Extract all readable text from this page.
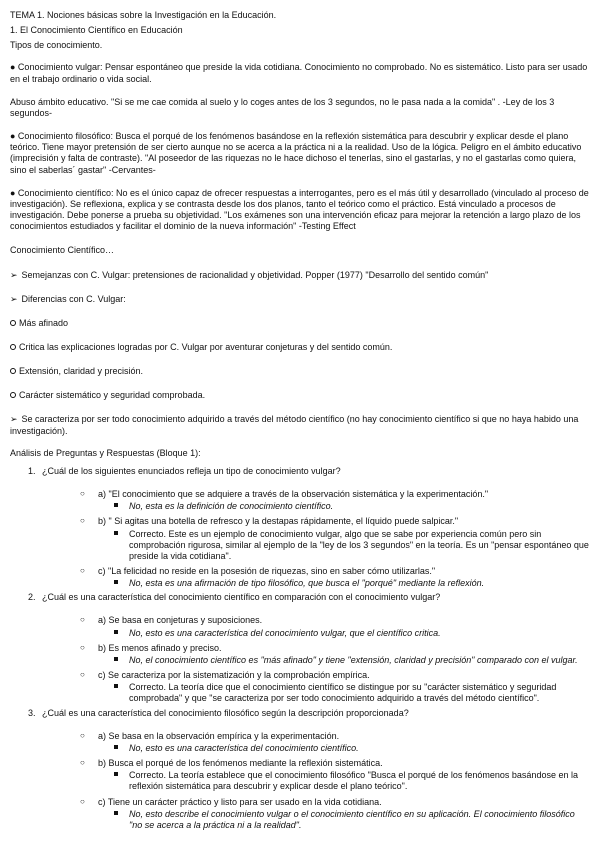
TEMA 1. Nociones básicas sobre la Investigación en la Educación.

1. El Conocimiento Científico en Educación

Tipos de conocimiento.

● Conocimiento vulgar: Pensar espontáneo que preside la vida cotidiana. Conocimiento no comprobado. No es sistemático. Listo para ser usado en el trabajo ordinario o vida social.

Abuso ámbito educativo. "Si se me cae comida al suelo y lo coges antes de los 3 segundos, no le pasa nada a la comida" . -Ley de los 3 segundos-

● Conocimiento filosófico: Busca el porqué de los fenómenos basándose en la reflexión sistemática para descubrir y explicar desde el plano teórico. Tiene mayor pretensión de ser cierto aunque no se acerca a la práctica ni a la realidad. Uso de la lógica. Peligro en el ámbito educativo (imprecisión y falta de contraste). "Al poseedor de las riquezas no le hace dichoso el tenerlas, sino el gastarlas, y no el gastarlas como quiera, sino el saberlas´ gastar" -Cervantes-

● Conocimiento científico: No es el único capaz de ofrecer respuestas a interrogantes, pero es el más útil y desarrollado (vinculado al proceso de investigación). Se reflexiona, explica y se contrasta desde los dos planos, tanto el teórico como el práctico. Está vinculado a procesos de investigación. Debe ponerse a prueba su objetividad. "Los exámenes son una intervención eficaz para mejorar la retención a largo plazo de los conocimientos estudiados y facilitar el dominio de la nueva información" -Testing Effect

Conocimiento Científico…

➢ Semejanzas con C. Vulgar: pretensiones de racionalidad y objetividad. Popper (1977) "Desarrollo del sentido común"

➢ Diferencias con C. Vulgar:

Más afinado

Critica las explicaciones logradas por C. Vulgar por aventurar conjeturas y del sentido común.

Extensión, claridad y precisión.

Carácter sistemático y seguridad comprobada.

➢ Se caracteriza por ser todo conocimiento adquirido a través del método científico (no hay conocimiento científico si que no haya habido una investigación).

Análisis de Preguntas y Respuestas (Bloque 1):

1. ¿Cuál de los siguientes enunciados refleja un tipo de conocimiento vulgar?
○ a) "El conocimiento que se adquiere a través de la observación sistemática y la experimentación."
No, esta es la definición de conocimiento científico.
○ b) " Si agitas una botella de refresco y la destapas rápidamente, el líquido puede salpicar."
Correcto. Este es un ejemplo de conocimiento vulgar, algo que se sabe por experiencia común pero sin comprobación rigurosa, similar al ejemplo de la "ley de los 3 segundos" en la teoría. Es un "pensar espontáneo que preside la vida cotidiana".
○ c) "La felicidad no reside en la posesión de riquezas, sino en saber cómo utilizarlas."
No, esta es una afirmación de tipo filosófico, que busca el "porqué" mediante la reflexión.
2. ¿Cuál es una característica del conocimiento científico en comparación con el conocimiento vulgar?
○ a) Se basa en conjeturas y suposiciones.
No, esto es una característica del conocimiento vulgar, que el científico critica.
○ b) Es menos afinado y preciso.
No, el conocimiento científico es "más afinado" y tiene "extensión, claridad y precisión" comparado con el vulgar.
○ c) Se caracteriza por la sistematización y la comprobación empírica.
Correcto. La teoría dice que el conocimiento científico se distingue por su "carácter sistemático y seguridad comprobada" y que "se caracteriza por ser todo conocimiento adquirido a través del método científico".
3. ¿Cuál es una característica del conocimiento filosófico según la descripción proporcionada?
○ a) Se basa en la observación empírica y la experimentación.
No, esto es una característica del conocimiento científico.
○ b) Busca el porqué de los fenómenos mediante la reflexión sistemática.
Correcto. La teoría establece que el conocimiento filosófico "Busca el porqué de los fenómenos basándose en la reflexión sistemática para descubrir y explicar desde el plano teórico".
○ c) Tiene un carácter práctico y listo para ser usado en la vida cotidiana.
No, esto describe el conocimiento vulgar o el conocimiento científico en su aplicación. El conocimiento filosófico "no se acerca a la práctica ni a la realidad".
